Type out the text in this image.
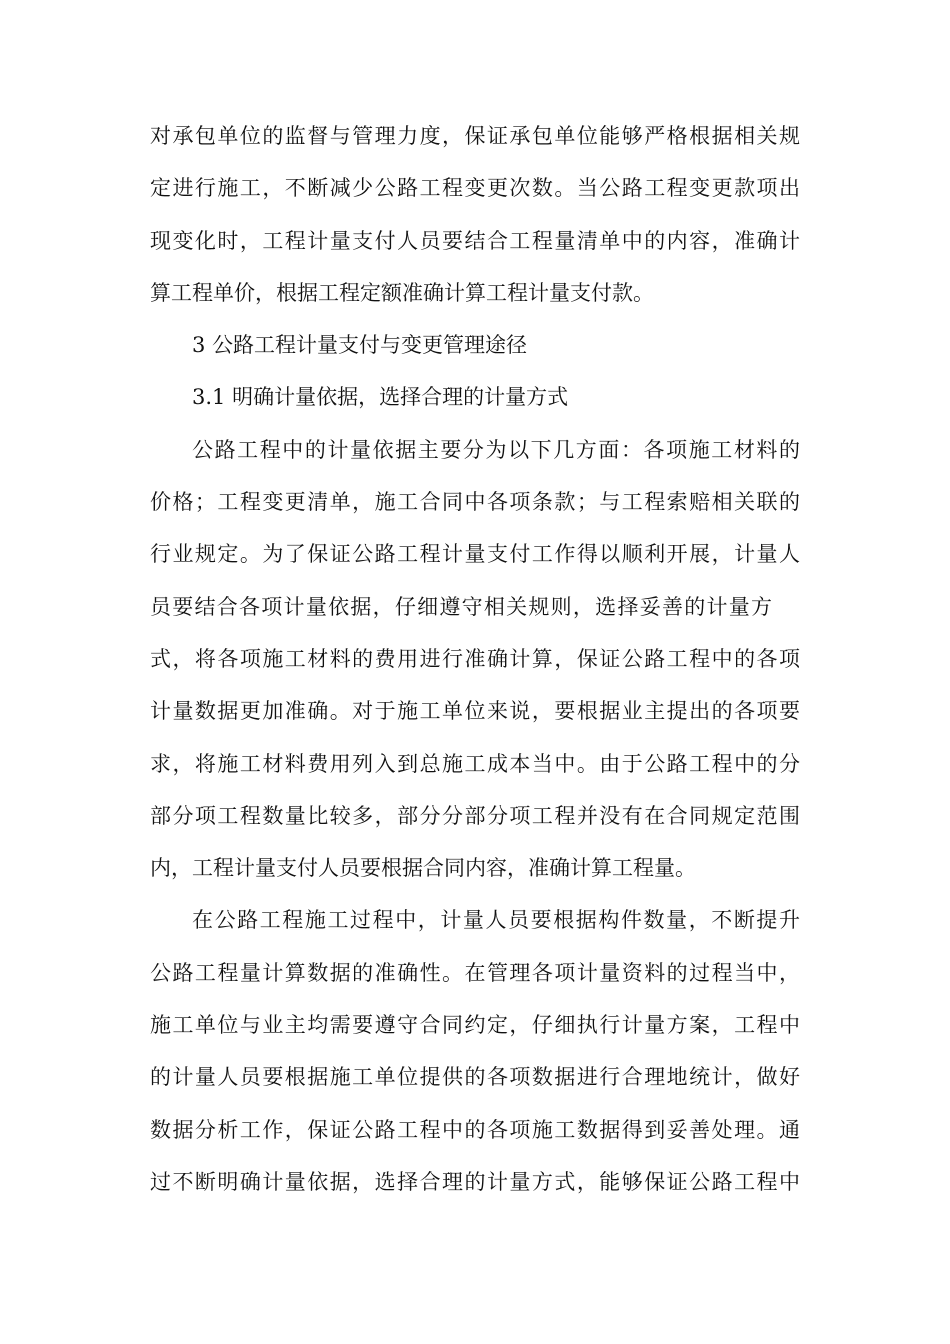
对承包单位的监督与管理力度，保证承包单位能够严格根据相关规
定进行施工，不断减少公路工程变更次数。当公路工程变更款项出
现变化时，工程计量支付人员要结合工程量清单中的内容，准确计
算工程单价，根据工程定额准确计算工程计量支付款。
3 公路工程计量支付与变更管理途径
3.1 明确计量依据，选择合理的计量方式
公路工程中的计量依据主要分为以下几方面：各项施工材料的
价格；工程变更清单，施工合同中各项条款；与工程索赔相关联的
行业规定。为了保证公路工程计量支付工作得以顺利开展，计量人
员要结合各项计量依据，仔细遵守相关规则，选择妥善的计量方
式，将各项施工材料的费用进行准确计算，保证公路工程中的各项
计量数据更加准确。对于施工单位来说，要根据业主提出的各项要
求，将施工材料费用列入到总施工成本当中。由于公路工程中的分
部分项工程数量比较多，部分分部分项工程并没有在合同规定范围
内，工程计量支付人员要根据合同内容，准确计算工程量。
在公路工程施工过程中，计量人员要根据构件数量，不断提升
公路工程量计算数据的准确性。在管理各项计量资料的过程当中，
施工单位与业主均需要遵守合同约定，仔细执行计量方案，工程中
的计量人员要根据施工单位提供的各项数据进行合理地统计，做好
数据分析工作，保证公路工程中的各项施工数据得到妥善处理。通
过不断明确计量依据，选择合理的计量方式，能够保证公路工程中
